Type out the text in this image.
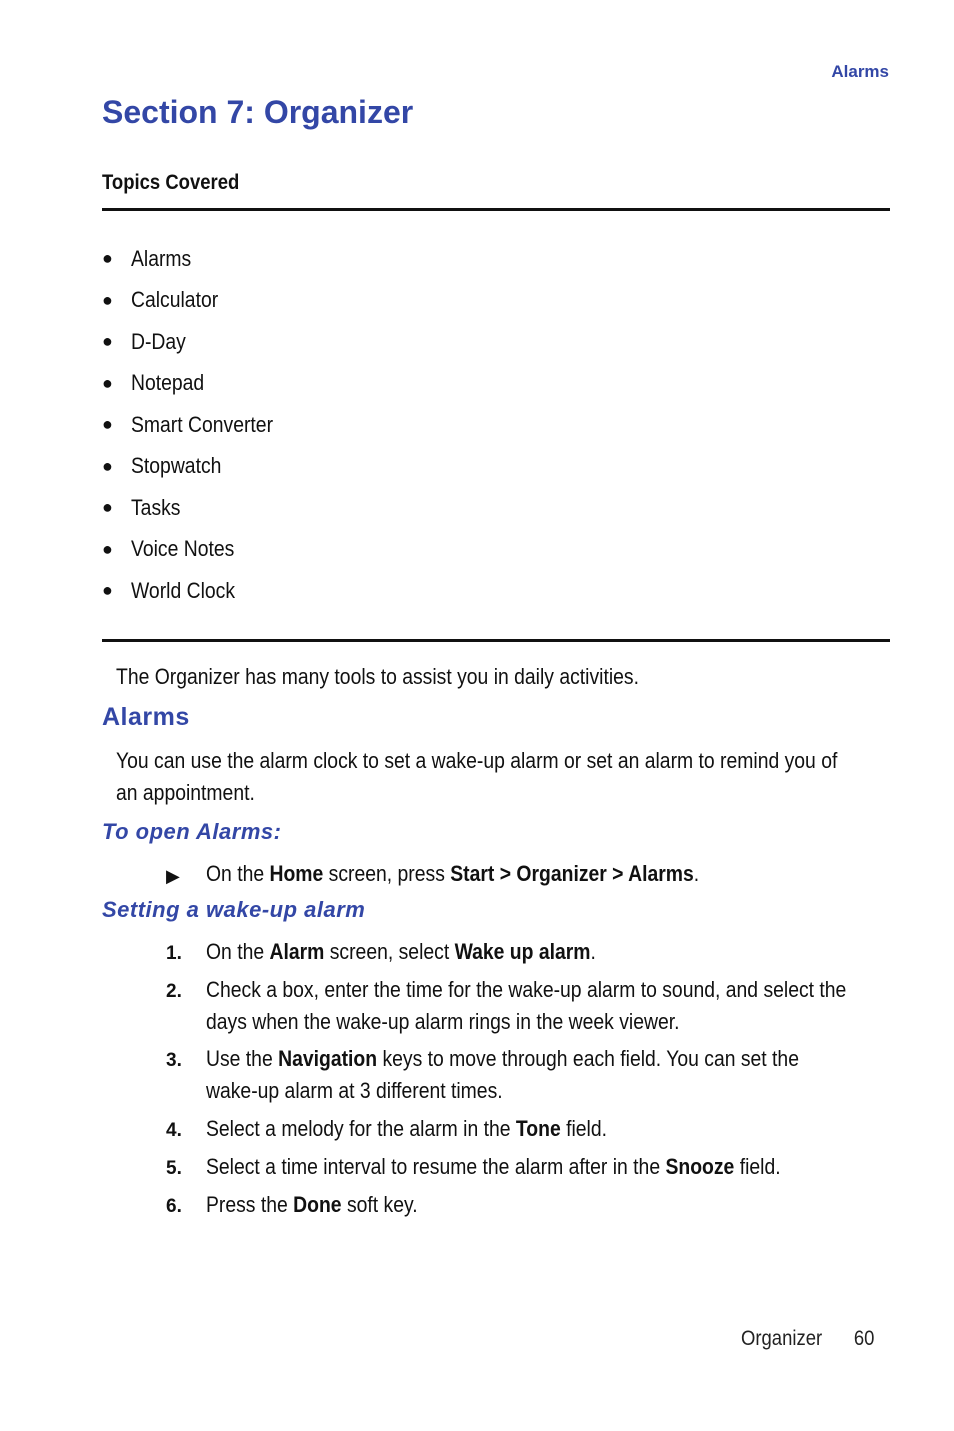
Alarms
Section 7: Organizer
Topics Covered
● Alarms
● Calculator
● D-Day
● Notepad
● Smart Converter
● Stopwatch
● Tasks
● Voice Notes
● World Clock
The Organizer has many tools to assist you in daily activities.
Alarms
You can use the alarm clock to set a wake-up alarm or set an alarm to remind you of
an appointment.
To open Alarms:
▶	On the Home screen, press Start > Organizer > Alarms.
Setting a wake-up alarm
1.	On the Alarm screen, select Wake up alarm.
2.	Check a box, enter the time for the wake-up alarm to sound, and select the
days when the wake-up alarm rings in the week viewer.
3.	Use the Navigation keys to move through each field. You can set the
wake-up alarm at 3 different times.
4.	Select a melody for the alarm in the Tone field.
5.	Select a time interval to resume the alarm after in the Snooze field.
6.	Press the Done soft key.
Organizer 60
